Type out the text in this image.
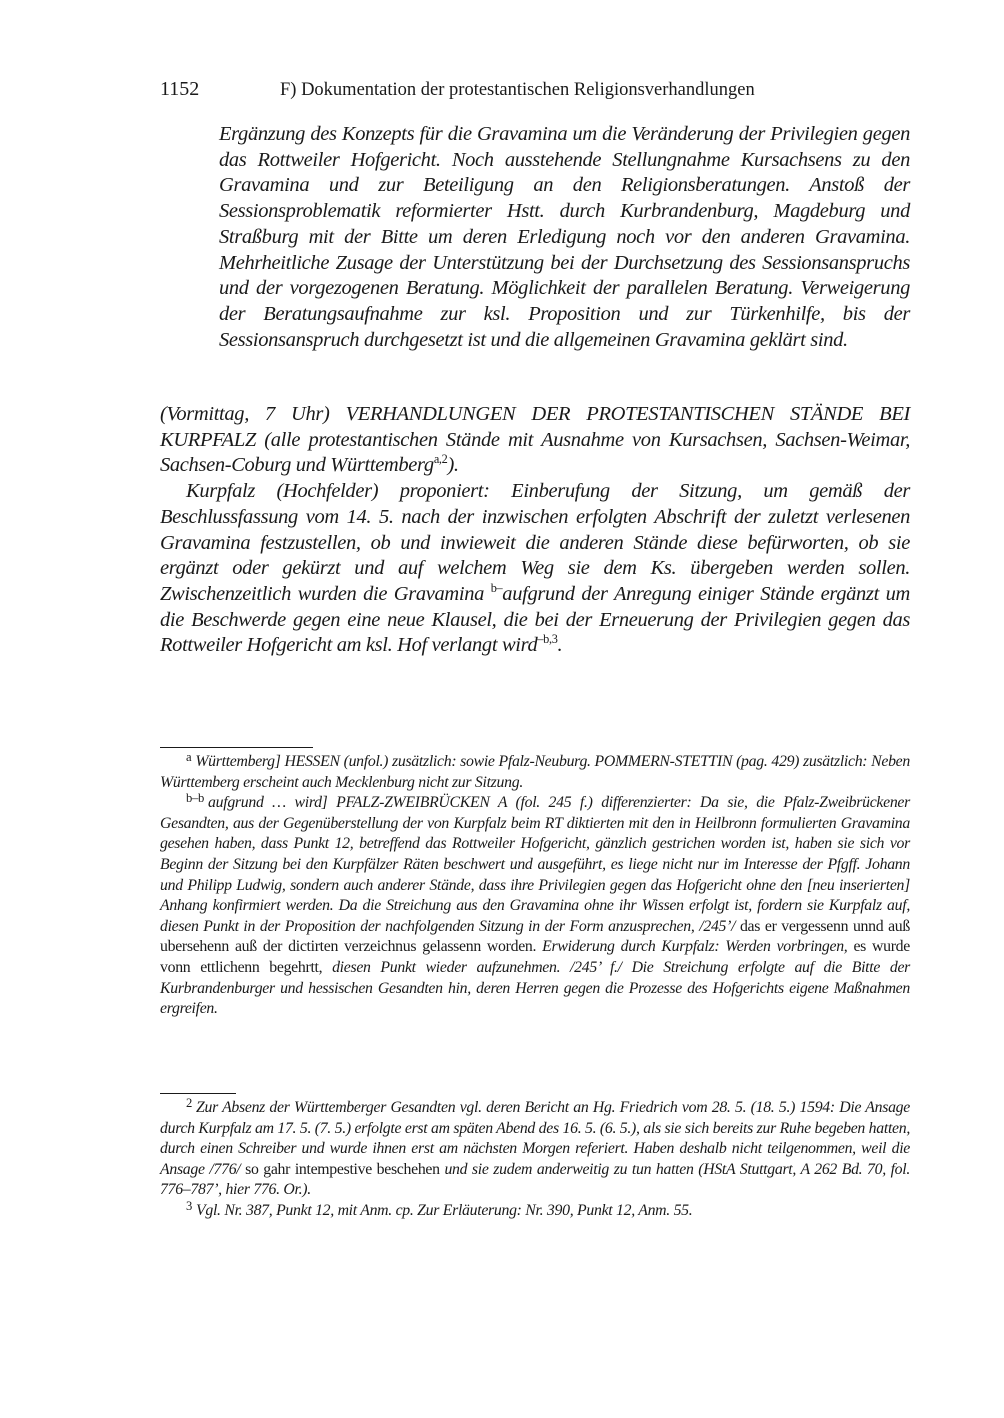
1152	F) Dokumentation der protestantischen Religionsverhandlungen

Ergänzung des Konzepts für die Gravamina um die Veränderung der Privilegien gegen das Rottweiler Hofgericht. Noch ausstehende Stellungnahme Kursachsens zu den Gravamina und zur Beteiligung an den Religionsberatungen. Anstoß der Sessionsproblematik reformierter Hstt. durch Kurbrandenburg, Magdeburg und Straßburg mit der Bitte um deren Erledigung noch vor den anderen Gravamina. Mehrheitliche Zusage der Unterstützung bei der Durchsetzung des Sessionsanspruchs und der vorgezogenen Beratung. Möglichkeit der parallelen Beratung. Verweigerung der Beratungsaufnahme zur ksl. Proposition und zur Türkenhilfe, bis der Sessionsanspruch durchgesetzt ist und die allgemeinen Gravamina geklärt sind.

(Vormittag, 7 Uhr) VERHANDLUNGEN DER PROTESTANTISCHEN STÄNDE BEI KURPFALZ (alle protestantischen Stände mit Ausnahme von Kursachsen, Sachsen-Weimar, Sachsen-Coburg und Württemberg$^{a,2}$).

Kurpfalz (Hochfelder) proponiert: Einberufung der Sitzung, um gemäß der Beschlussfassung vom 14. 5. nach der inzwischen erfolgten Abschrift der zuletzt verlesenen Gravamina festzustellen, ob und inwieweit die anderen Stände diese befürworten, ob sie ergänzt oder gekürzt und auf welchem Weg sie dem Ks. übergeben werden sollen. Zwischenzeitlich wurden die Gravamina $^{b-}$aufgrund der Anregung einiger Stände ergänzt um die Beschwerde gegen eine neue Klausel, die bei der Erneuerung der Privilegien gegen das Rottweiler Hofgericht am ksl. Hof verlangt wird$^{-b,3}$.

$^a$ Württemberg] HESSEN (unfol.) zusätzlich: sowie Pfalz-Neuburg. POMMERN-STETTIN (pag. 429) zusätzlich: Neben Württemberg erscheint auch Mecklenburg nicht zur Sitzung.

$^{b-b}$ aufgrund … wird] PFALZ-ZWEIBRÜCKEN A (fol. 245 f.) differenzierter: Da sie, die Pfalz-Zweibrückener Gesandten, aus der Gegenüberstellung der von Kurpfalz beim RT diktierten mit den in Heilbronn formulierten Gravamina gesehen haben, dass Punkt 12, betreffend das Rottweiler Hofgericht, gänzlich gestrichen worden ist, haben sie sich vor Beginn der Sitzung bei den Kurpfälzer Räten beschwert und ausgeführt, es liege nicht nur im Interesse der Pfgff. Johann und Philipp Ludwig, sondern auch anderer Stände, dass ihre Privilegien gegen das Hofgericht ohne den [neu inserierten] Anhang konfirmiert werden. Da die Streichung aus den Gravamina ohne ihr Wissen erfolgt ist, fordern sie Kurpfalz auf, diesen Punkt in der Proposition der nachfolgenden Sitzung in der Form anzusprechen, /245’/ das er vergessenn unnd auß ubersehenn auß der dictirten verzeichnus gelassenn worden. Erwiderung durch Kurpfalz: Werden vorbringen, es wurde vonn ettlichenn begehrtt, diesen Punkt wieder aufzunehmen. /245’ f./ Die Streichung erfolgte auf die Bitte der Kurbrandenburger und hessischen Gesandten hin, deren Herren gegen die Prozesse des Hofgerichts eigene Maßnahmen ergreifen.

$^2$ Zur Absenz der Württemberger Gesandten vgl. deren Bericht an Hg. Friedrich vom 28. 5. (18. 5.) 1594: Die Ansage durch Kurpfalz am 17. 5. (7. 5.) erfolgte erst am späten Abend des 16. 5. (6. 5.), als sie sich bereits zur Ruhe begeben hatten, durch einen Schreiber und wurde ihnen erst am nächsten Morgen referiert. Haben deshalb nicht teilgenommen, weil die Ansage /776/ so gahr intempestive beschehen und sie zudem anderweitig zu tun hatten (HStA Stuttgart, A 262 Bd. 70, fol. 776–787’, hier 776. Or.).

$^3$ Vgl. Nr. 387, Punkt 12, mit Anm. cp. Zur Erläuterung: Nr. 390, Punkt 12, Anm. 55.
